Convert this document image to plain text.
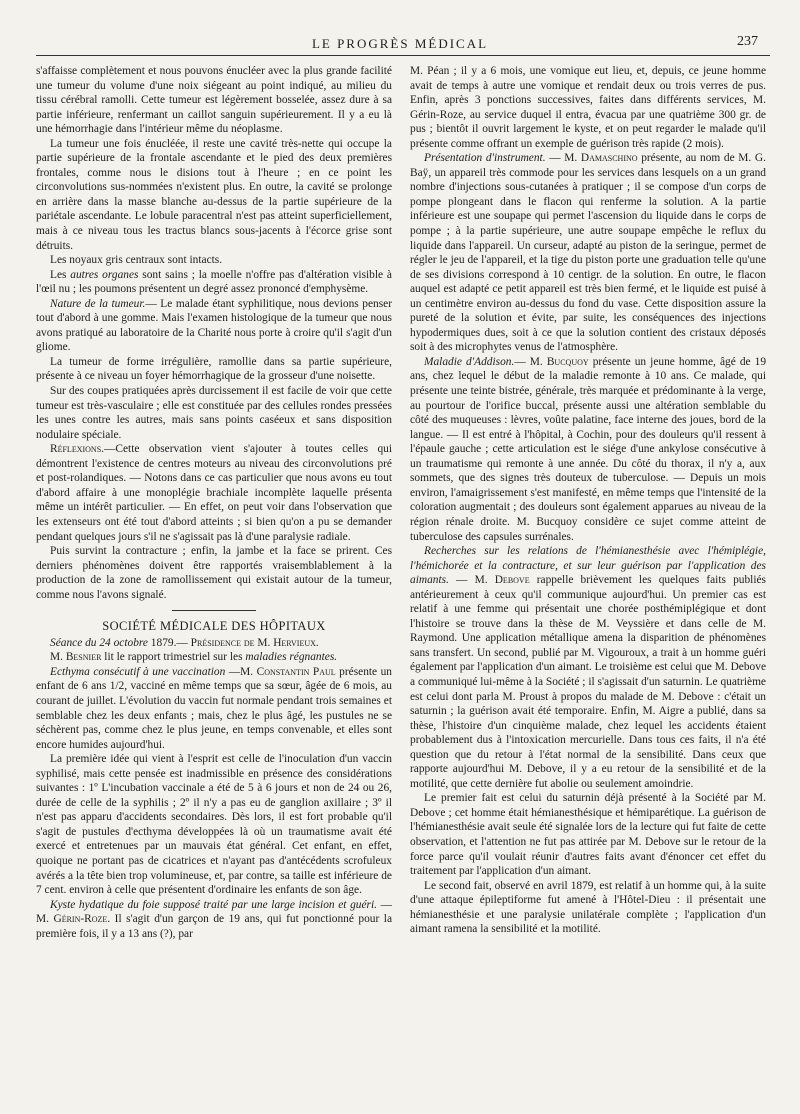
LE PROGRÈS MÉDICAL	237

s'affaisse complètement et nous pouvons énucléer avec la plus grande facilité une tumeur du volume d'une noix siégeant au point indiqué, au milieu du tissu cérébral ramolli. Cette tumeur est légèrement bosselée, assez dure à sa partie inférieure, renfermant un caillot sanguin supérieurement. Il y a eu là une hémorrhagie dans l'intérieur même du néoplasme.

La tumeur une fois énucléée, il reste une cavité très-nette qui occupe la partie supérieure de la frontale ascendante et le pied des deux premières frontales, comme nous le disions tout à l'heure ; en ce point les circonvolutions sus-nommées n'existent plus. En outre, la cavité se prolonge en arrière dans la masse blanche au-dessus de la partie supérieure de la pariétale ascendante. Le lobule paracentral n'est pas atteint superficiellement, mais à ce niveau tous les tractus blancs sous-jacents à l'écorce grise sont détruits.

Les noyaux gris centraux sont intacts.

Les autres organes sont sains ; la moelle n'offre pas d'altération visible à l'œil nu ; les poumons présentent un degré assez prononcé d'emphysème.

Nature de la tumeur.— Le malade étant syphilitique, nous devions penser tout d'abord à une gomme. Mais l'examen histologique de la tumeur que nous avons pratiqué au laboratoire de la Charité nous porte à croire qu'il s'agit d'un gliome.

La tumeur de forme irrégulière, ramollie dans sa partie supérieure, présente à ce niveau un foyer hémorrhagique de la grosseur d'une noisette.

Sur des coupes pratiquées après durcissement il est facile de voir que cette tumeur est très-vasculaire ; elle est constituée par des cellules rondes pressées les unes contre les autres, mais sans points caséeux et sans disposition nodulaire spéciale.

Réflexions.—Cette observation vient s'ajouter à toutes celles qui démontrent l'existence de centres moteurs au niveau des circonvolutions pré et post-rolandiques. — Notons dans ce cas particulier que nous avons eu tout d'abord affaire à une monoplégie brachiale incomplète laquelle présenta même un intérêt particulier. — En effet, on peut voir dans l'observation que les extenseurs ont été tout d'abord atteints ; si bien qu'on a pu se demander pendant quelques jours s'il ne s'agissait pas là d'une paralysie radiale.

Puis survint la contracture ; enfin, la jambe et la face se prirent. Ces derniers phénomènes doivent être rapportés vraisemblablement à la production de la zone de ramollissement qui existait autour de la tumeur, comme nous l'avons signalé.

SOCIÉTÉ MÉDICALE DES HÔPITAUX

Séance du 24 octobre 1879.— Présidence de M. Hervieux.

M. Besnier lit le rapport trimestriel sur les maladies régnantes.

Ecthyma consécutif à une vaccination —M. Constantin Paul présente un enfant de 6 ans 1/2, vacciné en même temps que sa sœur, âgée de 6 mois, au courant de juillet. L'évolution du vaccin fut normale pendant trois semaines et semblable chez les deux enfants ; mais, chez le plus âgé, les pustules ne se séchèrent pas, comme chez le plus jeune, en temps convenable, et elles sont encore humides aujourd'hui.

La première idée qui vient à l'esprit est celle de l'inoculation d'un vaccin syphilisé, mais cette pensée est inadmissible en présence des considérations suivantes : 1º L'incubation vaccinale a été de 5 à 6 jours et non de 24 ou 26, durée de celle de la syphilis ; 2º il n'y a pas eu de ganglion axillaire ; 3º il n'est pas apparu d'accidents secondaires. Dès lors, il est fort probable qu'il s'agit de pustules d'ecthyma développées là où un traumatisme avait été exercé et entretenues par un mauvais état général. Cet enfant, en effet, quoique ne portant pas de cicatrices et n'ayant pas d'antécédents scrofuleux avérés a la tête bien trop volumineuse, et, par contre, sa taille est inférieure de 7 cent. environ à celle que présentent d'ordinaire les enfants de son âge.

Kyste hydatique du foie supposé traité par une large incision et guéri. — M. Gérin-Roze. Il s'agit d'un garçon de 19 ans, qui fut ponctionné pour la première fois, il y a 13 ans (?), par

M. Péan ; il y a 6 mois, une vomique eut lieu, et, depuis, ce jeune homme avait de temps à autre une vomique et rendait deux ou trois verres de pus. Enfin, après 3 ponctions successives, faites dans différents services, M. Gérin-Roze, au service duquel il entra, évacua par une quatrième 300 gr. de pus ; bientôt il ouvrit largement le kyste, et on peut regarder le malade qu'il présente comme offrant un exemple de guérison très rapide (2 mois).

Présentation d'instrument. — M. Damaschino présente, au nom de M. G. Baÿ, un appareil très commode pour les services dans lesquels on a un grand nombre d'injections sous-cutanées à pratiquer ; il se compose d'un corps de pompe plongeant dans le flacon qui renferme la solution. A la partie inférieure est une soupape qui permet l'ascension du liquide dans le corps de pompe ; à la partie supérieure, une autre soupape empêche le reflux du liquide dans l'appareil. Un curseur, adapté au piston de la seringue, permet de régler le jeu de l'appareil, et la tige du piston porte une graduation telle qu'une de ses divisions correspond à 10 centigr. de la solution. En outre, le flacon auquel est adapté ce petit appareil est très bien fermé, et le liquide est puisé à un centimètre environ au-dessus du fond du vase. Cette disposition assure la pureté de la solution et évite, par suite, les conséquences des injections hypodermiques dues, soit à ce que la solution contient des cristaux déposés soit à des microphytes venus de l'atmosphère.

Maladie d'Addison.— M. Bucquoy présente un jeune homme, âgé de 19 ans, chez lequel le début de la maladie remonte à 10 ans. Ce malade, qui présente une teinte bistrée, générale, très marquée et prédominante à la verge, au pourtour de l'orifice buccal, présente aussi une altération semblable du côté des muqueuses : lèvres, voûte palatine, face interne des joues, bord de la langue. — Il est entré à l'hôpital, à Cochin, pour des douleurs qu'il ressent à l'épaule gauche ; cette articulation est le siége d'une ankylose consécutive à un traumatisme qui remonte à une année. Du côté du thorax, il n'y a, aux sommets, que des signes très douteux de tuberculose. — Depuis un mois environ, l'amaigrissement s'est manifesté, en même temps que l'intensité de la coloration augmentait ; des douleurs sont également apparues au niveau de la région rénale droite. M. Bucquoy considère ce sujet comme atteint de tuberculose des capsules surrénales.

Recherches sur les relations de l'hémianesthésie avec l'hémiplégie, l'hémichorée et la contracture, et sur leur guérison par l'application des aimants. — M. Debove rappelle brièvement les quelques faits publiés antérieurement à ceux qu'il communique aujourd'hui. Un premier cas est relatif à une femme qui présentait une chorée posthémiplégique et dont l'histoire se trouve dans la thèse de M. Veyssière et dans celle de M. Raymond. Une application métallique amena la disparition de phénomènes sans transfert. Un second, publié par M. Vigouroux, a trait à un homme guéri également par l'application d'un aimant. Le troisième est celui que M. Debove a communiqué lui-même à la Société ; il s'agissait d'un saturnin. Le quatrième est celui dont parla M. Proust à propos du malade de M. Debove : c'était un saturnin ; la guérison avait été temporaire. Enfin, M. Aigre a publié, dans sa thèse, l'histoire d'un cinquième malade, chez lequel les accidents étaient probablement dus à l'intoxication mercurielle. Dans tous ces faits, il n'a été question que du retour à l'état normal de la sensibilité. Dans ceux que rapporte aujourd'hui M. Debove, il y a eu retour de la sensibilité et de la motilité, que cette dernière fut abolie ou seulement amoindrie.

Le premier fait est celui du saturnin déjà présenté à la Société par M. Debove ; cet homme était hémianesthésique et hémiparétique. La guérison de l'hémianesthésie avait seule été signalée lors de la lecture qui fut faite de cette observation, et l'attention ne fut pas attirée par M. Debove sur le retour de la force parce qu'il voulait réunir d'autres faits avant d'énoncer cet effet du traitement par l'application d'un aimant.

Le second fait, observé en avril 1879, est relatif à un homme qui, à la suite d'une attaque épileptiforme fut amené à l'Hôtel-Dieu : il présentait une hémianesthésie et une paralysie unilatérale complète ; l'application d'un aimant ramena la sensibilité et la motilité.
